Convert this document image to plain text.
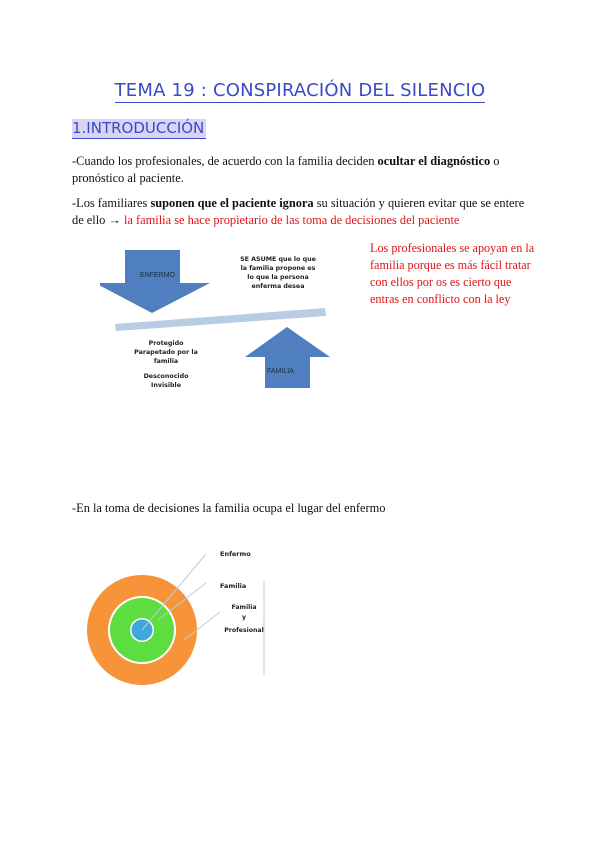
TEMA 19 : CONSPIRACIÓN DEL SILENCIO
1.INTRODUCCIÓN
-Cuando los profesionales, de acuerdo con la familia deciden ocultar el diagnóstico o pronóstico al paciente.
-Los familiares suponen que el paciente ignora su situación y quieren evitar que se entere de ello → la familia se hace propietario de las toma de decisiones del paciente
Los profesionales se apoyan en la familia porque es más fácil tratar con ellos por os es cierto que entras en conflicto con la ley
ENFERMO
FAMILIA
SE ASUME que lo que
la familia propone es
lo que la persona
enferma desea
Protegido
Parapetado por la
familia
Desconocido
Invisible
-En la toma de decisiones la familia ocupa el lugar del enfermo
Enfermo
Familia
Familia
y
Profesional
